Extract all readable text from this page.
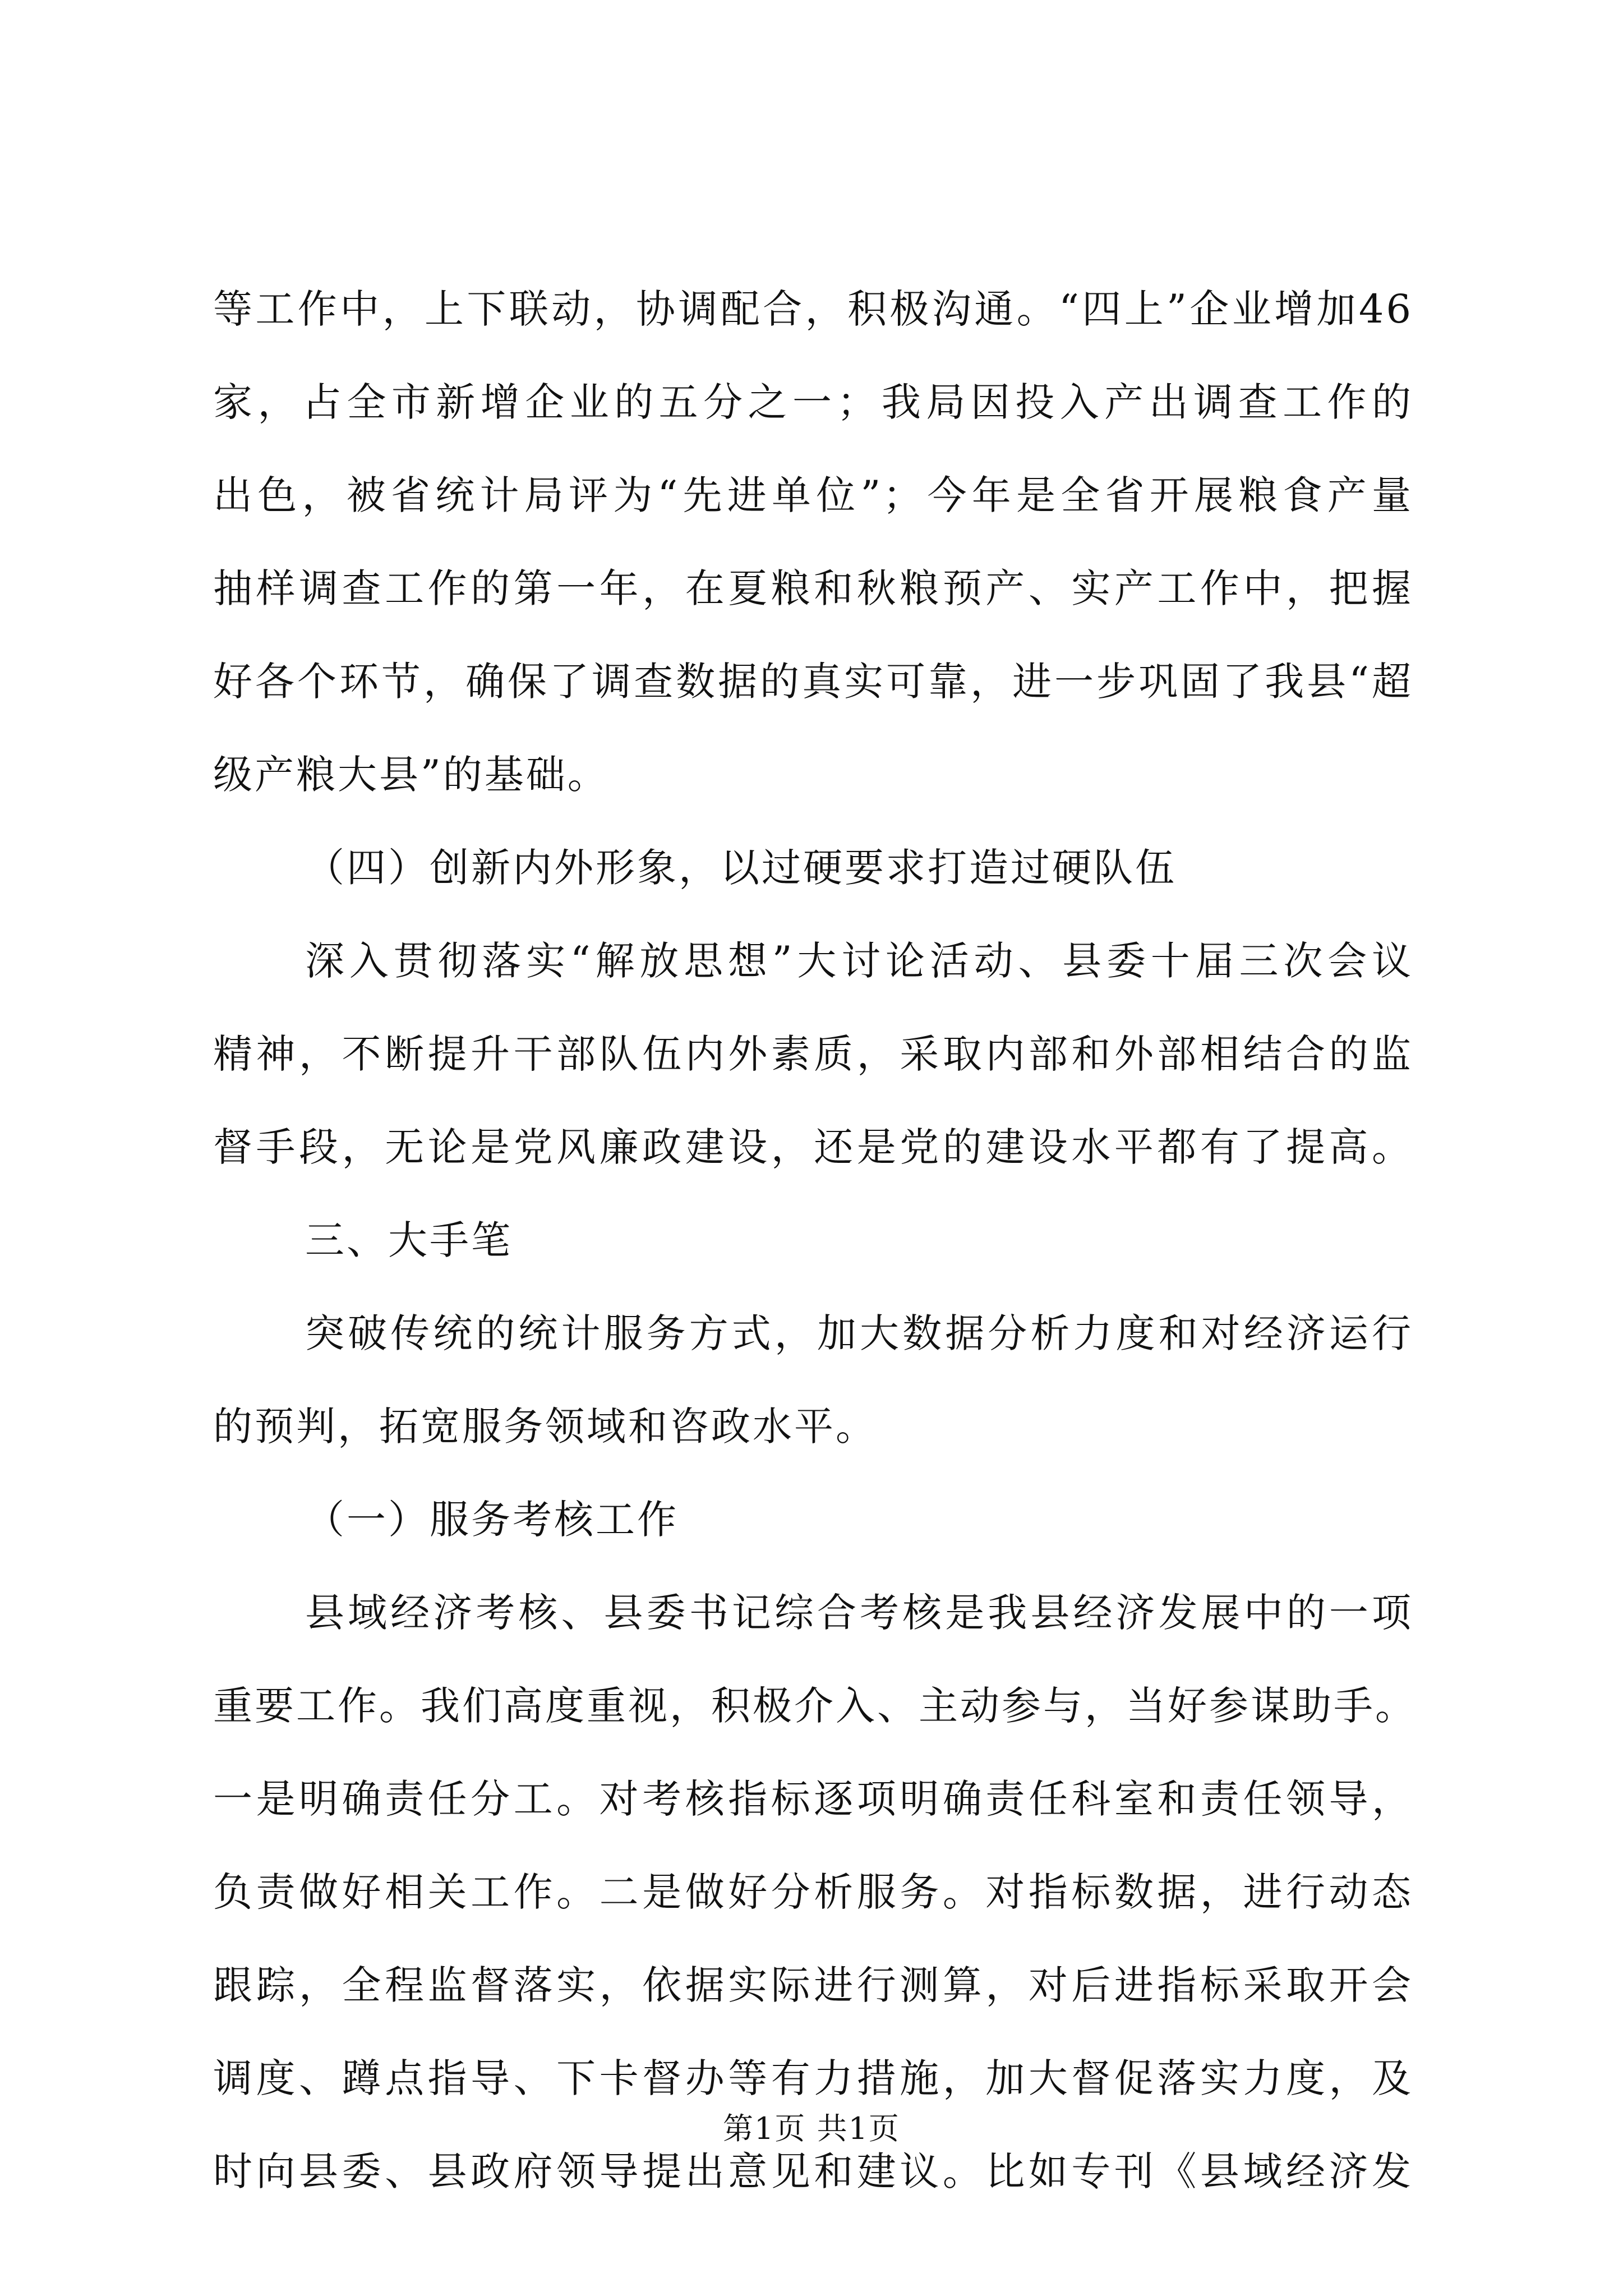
等工作中，上下联动，协调配合，积极沟通。“四上”企业增加46
家，占全市新增企业的五分之一；我局因投入产出调查工作的
出色，被省统计局评为“先进单位”；今年是全省开展粮食产量
抽样调查工作的第一年，在夏粮和秋粮预产、实产工作中，把握
好各个环节，确保了调查数据的真实可靠，进一步巩固了我县“超
级产粮大县”的基础。
（四）创新内外形象，以过硬要求打造过硬队伍
深入贯彻落实“解放思想”大讨论活动、县委十届三次会议
精神，不断提升干部队伍内外素质，采取内部和外部相结合的监
督手段，无论是党风廉政建设，还是党的建设水平都有了提高。
三、大手笔
突破传统的统计服务方式，加大数据分析力度和对经济运行
的预判，拓宽服务领域和咨政水平。
（一）服务考核工作
县域经济考核、县委书记综合考核是我县经济发展中的一项
重要工作。我们高度重视，积极介入、主动参与，当好参谋助手。
一是明确责任分工。对考核指标逐项明确责任科室和责任领导，
负责做好相关工作。二是做好分析服务。对指标数据，进行动态
跟踪，全程监督落实，依据实际进行测算，对后进指标采取开会
调度、蹲点指导、下卡督办等有力措施，加大督促落实力度，及
时向县委、县政府领导提出意见和建议。比如专刊《县域经济发
第1页 共1页
